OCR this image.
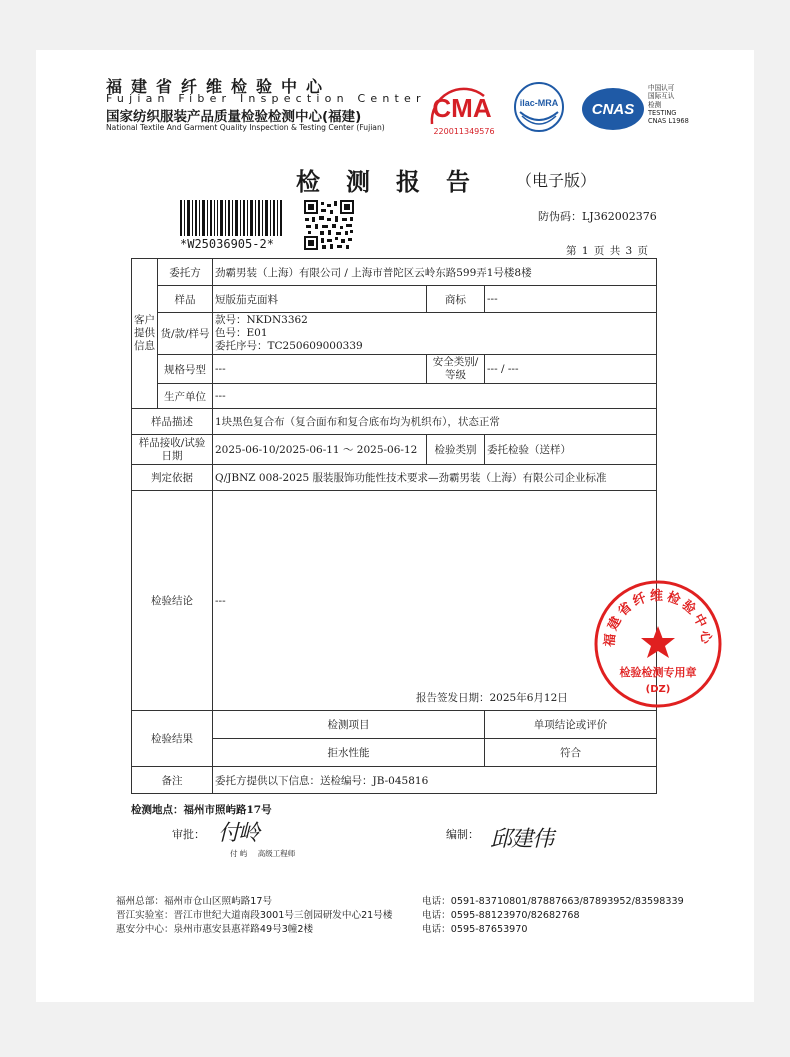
福建省纤维检验中心
Fujian Fiber Inspection Center
国家纺织服装产品质量检验检测中心(福建)
National Textile And Garment Quality Inspection & Testing Center (Fujian)
CMA
220011349576
ilac-MRA CNAS
中国认可
国际互认
检测
TESTING
CNAS L1968
检测报告 （电子版）
*W25036905-2*
防伪码：LJ362002376
第 1 页 共 3 页
客户提供信息	委托方	劲霸男装（上海）有限公司 / 上海市普陀区云岭东路599弄1号楼8楼		
	样品	短版茄克面料	商标	---
	货/款/样号	款号：NKDN3362
色号：E01
委托序号：TC250609000339		

	规格号型	---	安全类别/等级	--- / ---
	生产单位	---		
样品描述		1块黑色复合布（复合面布和复合底布均为机织布），状态正常		
样品接收/试验日期		2025-06-10/2025-06-11 ～ 2025-06-12	检验类别	委托检验（送样）
判定依据		Q/JBNZ 008-2025 服装服饰功能性技术要求—劲霸男装（上海）有限公司企业标准		
检验结论		---		
检验结果		检测项目		单项结论或评价
		拒水性能		符合
备注		委托方提供以下信息：送检编号：JB-045816		
报告签发日期：2025年6月12日
福建省纤维检验中心
检验检测专用章
(DZ)
检测地点：福州市照屿路17号
审批： 付岭
付 屿 高级工程师
编制： 邱建伟
福州总部：福州市仓山区照屿路17号
晋江实验室：晋江市世纪大道南段3001号三创园研发中心21号楼
惠安分中心：泉州市惠安县惠祥路49号3幢2楼
电话：0591-83710801/87887663/87893952/83598339
电话：0595-88123970/82682768
电话：0595-87653970
